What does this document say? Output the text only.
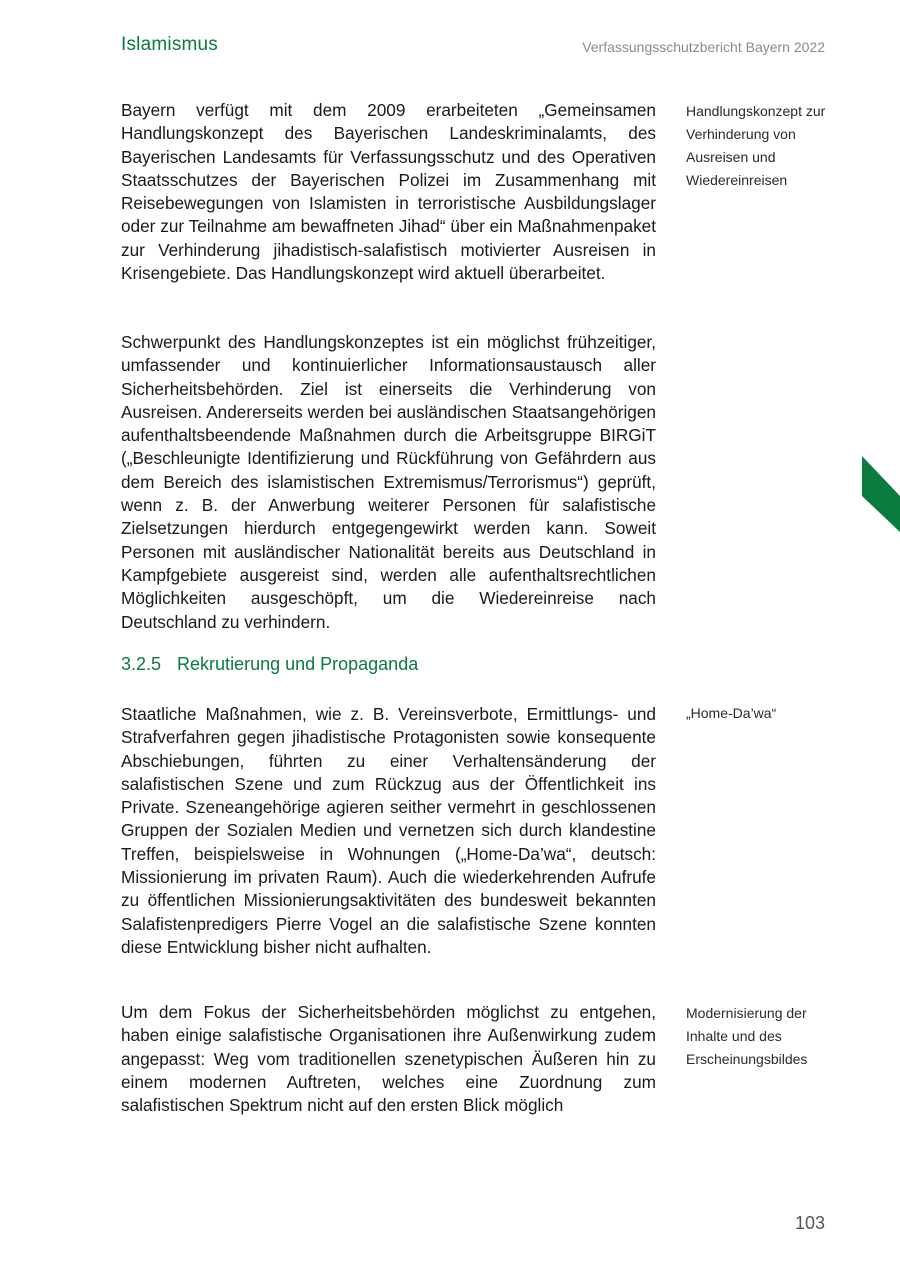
Islamismus	Verfassungsschutzbericht Bayern 2022

Bayern verfügt mit dem 2009 erarbeiteten „Gemeinsamen Handlungskonzept des Bayerischen Landeskriminalamts, des Bayerischen Landesamts für Verfassungsschutz und des Operativen Staatsschutzes der Bayerischen Polizei im Zusammenhang mit Reisebewegungen von Islamisten in terroristische Ausbildungslager oder zur Teilnahme am bewaffneten Jihad“ über ein Maßnahmenpaket zur Verhinderung jihadistisch-salafistisch motivierter Ausreisen in Krisengebiete. Das Handlungskonzept wird aktuell überarbeitet.

Handlungskonzept zur Verhinderung von Ausreisen und Wiedereinreisen

Schwerpunkt des Handlungskonzeptes ist ein möglichst frühzeitiger, umfassender und kontinuierlicher Informationsaustausch aller Sicherheitsbehörden. Ziel ist einerseits die Verhinderung von Ausreisen. Andererseits werden bei ausländischen Staatsangehörigen aufenthaltsbeendende Maßnahmen durch die Arbeitsgruppe BIRGiT („Beschleunigte Identifizierung und Rückführung von Gefährdern aus dem Bereich des islamistischen Extremismus/Terrorismus“) geprüft, wenn z. B. der Anwerbung weiterer Personen für salafistische Zielsetzungen hierdurch entgegengewirkt werden kann. Soweit Personen mit ausländischer Nationalität bereits aus Deutschland in Kampfgebiete ausgereist sind, werden alle aufenthaltsrechtlichen Möglichkeiten ausgeschöpft, um die Wiedereinreise nach Deutschland zu verhindern.

3.2.5 Rekrutierung und Propaganda

Staatliche Maßnahmen, wie z. B. Vereinsverbote, Ermittlungs- und Strafverfahren gegen jihadistische Protagonisten sowie konsequente Abschiebungen, führten zu einer Verhaltensänderung der salafistischen Szene und zum Rückzug aus der Öffentlichkeit ins Private. Szeneangehörige agieren seither vermehrt in geschlossenen Gruppen der Sozialen Medien und vernetzen sich durch klandestine Treffen, beispielsweise in Wohnungen („Home-Da’wa“, deutsch: Missionierung im privaten Raum). Auch die wiederkehrenden Aufrufe zu öffentlichen Missionierungsaktivitäten des bundesweit bekannten Salafistenpredigers Pierre Vogel an die salafistische Szene konnten diese Entwicklung bisher nicht aufhalten.

„Home-Da’wa“

Um dem Fokus der Sicherheitsbehörden möglichst zu entgehen, haben einige salafistische Organisationen ihre Außenwirkung zudem angepasst: Weg vom traditionellen szenetypischen Äußeren hin zu einem modernen Auftreten, welches eine Zuordnung zum salafistischen Spektrum nicht auf den ersten Blick möglich

Modernisierung der Inhalte und des Erscheinungsbildes

103
